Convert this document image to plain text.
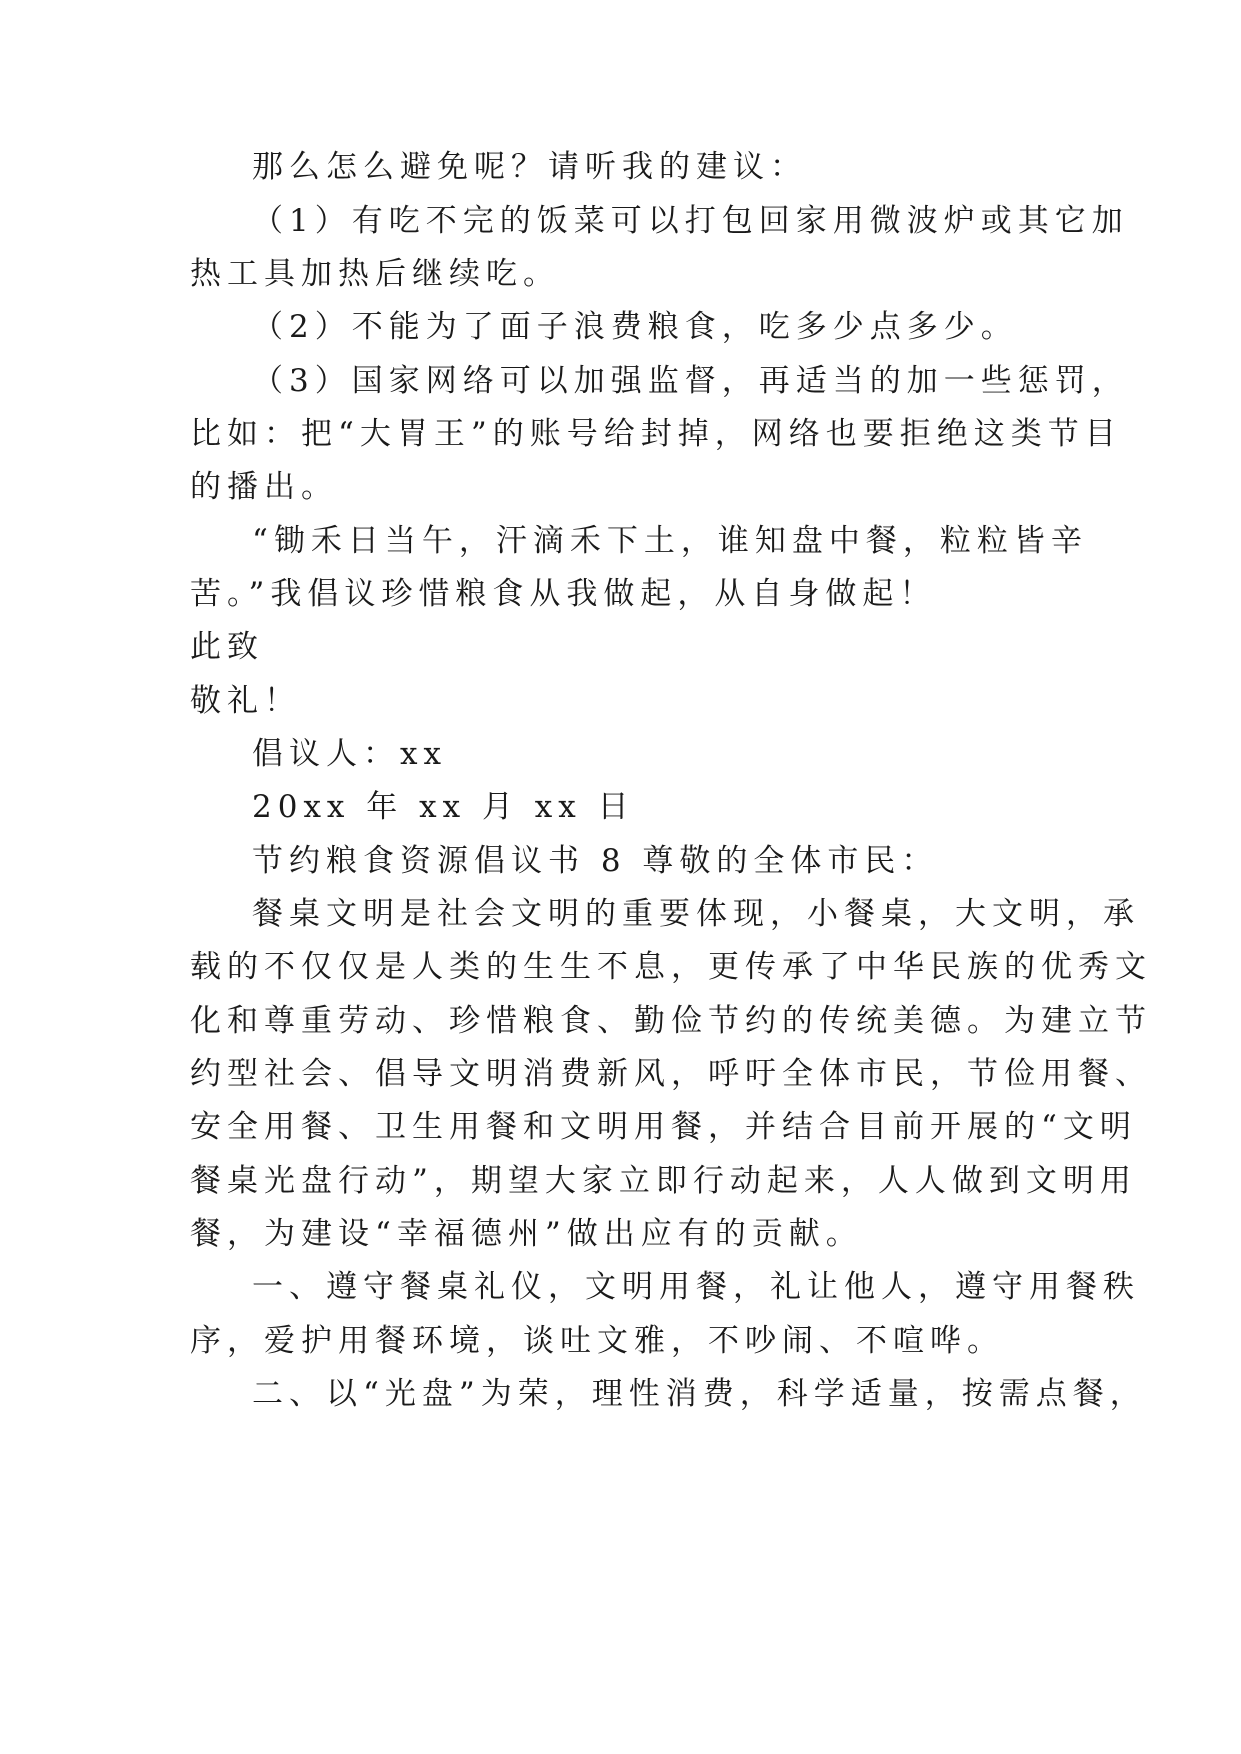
那么怎么避免呢？请听我的建议：
（1）有吃不完的饭菜可以打包回家用微波炉或其它加
热工具加热后继续吃。
（2）不能为了面子浪费粮食，吃多少点多少。
（3）国家网络可以加强监督，再适当的加一些惩罚，
比如：把“大胃王”的账号给封掉，网络也要拒绝这类节目
的播出。
“锄禾日当午，汗滴禾下土，谁知盘中餐，粒粒皆辛
苦。”我倡议珍惜粮食从我做起，从自身做起！
此致
敬礼！
倡议人：xx
20xx 年 xx 月 xx 日
节约粮食资源倡议书 8 尊敬的全体市民：
餐桌文明是社会文明的重要体现，小餐桌，大文明，承
载的不仅仅是人类的生生不息，更传承了中华民族的优秀文
化和尊重劳动、珍惜粮食、勤俭节约的传统美德。为建立节
约型社会、倡导文明消费新风，呼吁全体市民，节俭用餐、
安全用餐、卫生用餐和文明用餐，并结合目前开展的“文明
餐桌光盘行动”，期望大家立即行动起来，人人做到文明用
餐，为建设“幸福德州”做出应有的贡献。
一、遵守餐桌礼仪，文明用餐，礼让他人，遵守用餐秩
序，爱护用餐环境，谈吐文雅，不吵闹、不喧哗。
二、以“光盘”为荣，理性消费，科学适量，按需点餐，
